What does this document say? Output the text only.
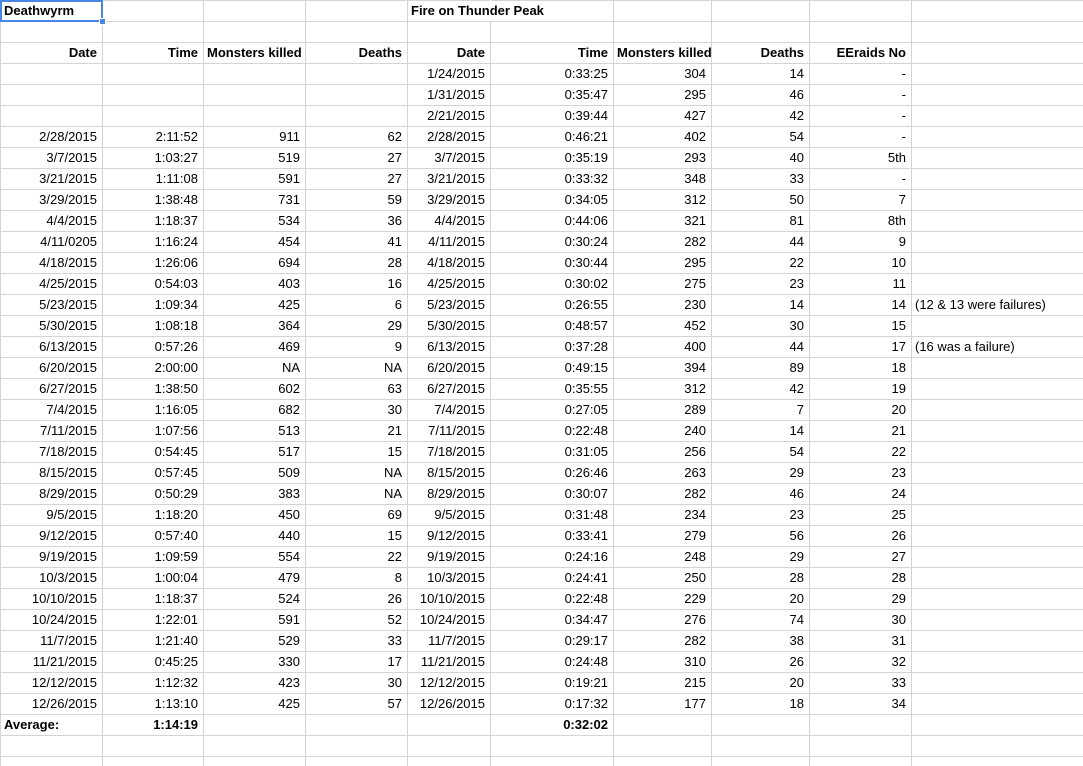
Deathwyrm				Fire on Thunder Peak					

Date	Time	Monsters killed	Deaths	Date	Time	Monsters killed	Deaths	EEraids No	
				1/24/2015	0:33:25	304	14	-	
				1/31/2015	0:35:47	295	46	-	
				2/21/2015	0:39:44	427	42	-	
2/28/2015	2:11:52	911	62	2/28/2015	0:46:21	402	54	-	
3/7/2015	1:03:27	519	27	3/7/2015	0:35:19	293	40	5th	
3/21/2015	1:11:08	591	27	3/21/2015	0:33:32	348	33	-	
3/29/2015	1:38:48	731	59	3/29/2015	0:34:05	312	50	7	
4/4/2015	1:18:37	534	36	4/4/2015	0:44:06	321	81	8th	
4/11/0205	1:16:24	454	41	4/11/2015	0:30:24	282	44	9	
4/18/2015	1:26:06	694	28	4/18/2015	0:30:44	295	22	10	
4/25/2015	0:54:03	403	16	4/25/2015	0:30:02	275	23	11	
5/23/2015	1:09:34	425	6	5/23/2015	0:26:55	230	14	14	(12 & 13 were failures)
5/30/2015	1:08:18	364	29	5/30/2015	0:48:57	452	30	15	
6/13/2015	0:57:26	469	9	6/13/2015	0:37:28	400	44	17	(16 was a failure)
6/20/2015	2:00:00	NA	NA	6/20/2015	0:49:15	394	89	18	
6/27/2015	1:38:50	602	63	6/27/2015	0:35:55	312	42	19	
7/4/2015	1:16:05	682	30	7/4/2015	0:27:05	289	7	20	
7/11/2015	1:07:56	513	21	7/11/2015	0:22:48	240	14	21	
7/18/2015	0:54:45	517	15	7/18/2015	0:31:05	256	54	22	
8/15/2015	0:57:45	509	NA	8/15/2015	0:26:46	263	29	23	
8/29/2015	0:50:29	383	NA	8/29/2015	0:30:07	282	46	24	
9/5/2015	1:18:20	450	69	9/5/2015	0:31:48	234	23	25	
9/12/2015	0:57:40	440	15	9/12/2015	0:33:41	279	56	26	
9/19/2015	1:09:59	554	22	9/19/2015	0:24:16	248	29	27	
10/3/2015	1:00:04	479	8	10/3/2015	0:24:41	250	28	28	
10/10/2015	1:18:37	524	26	10/10/2015	0:22:48	229	20	29	
10/24/2015	1:22:01	591	52	10/24/2015	0:34:47	276	74	30	
11/7/2015	1:21:40	529	33	11/7/2015	0:29:17	282	38	31	
11/21/2015	0:45:25	330	17	11/21/2015	0:24:48	310	26	32	
12/12/2015	1:12:32	423	30	12/12/2015	0:19:21	215	20	33	
12/26/2015	1:13:10	425	57	12/26/2015	0:17:32	177	18	34	
Average:	1:14:19				0:32:02				
